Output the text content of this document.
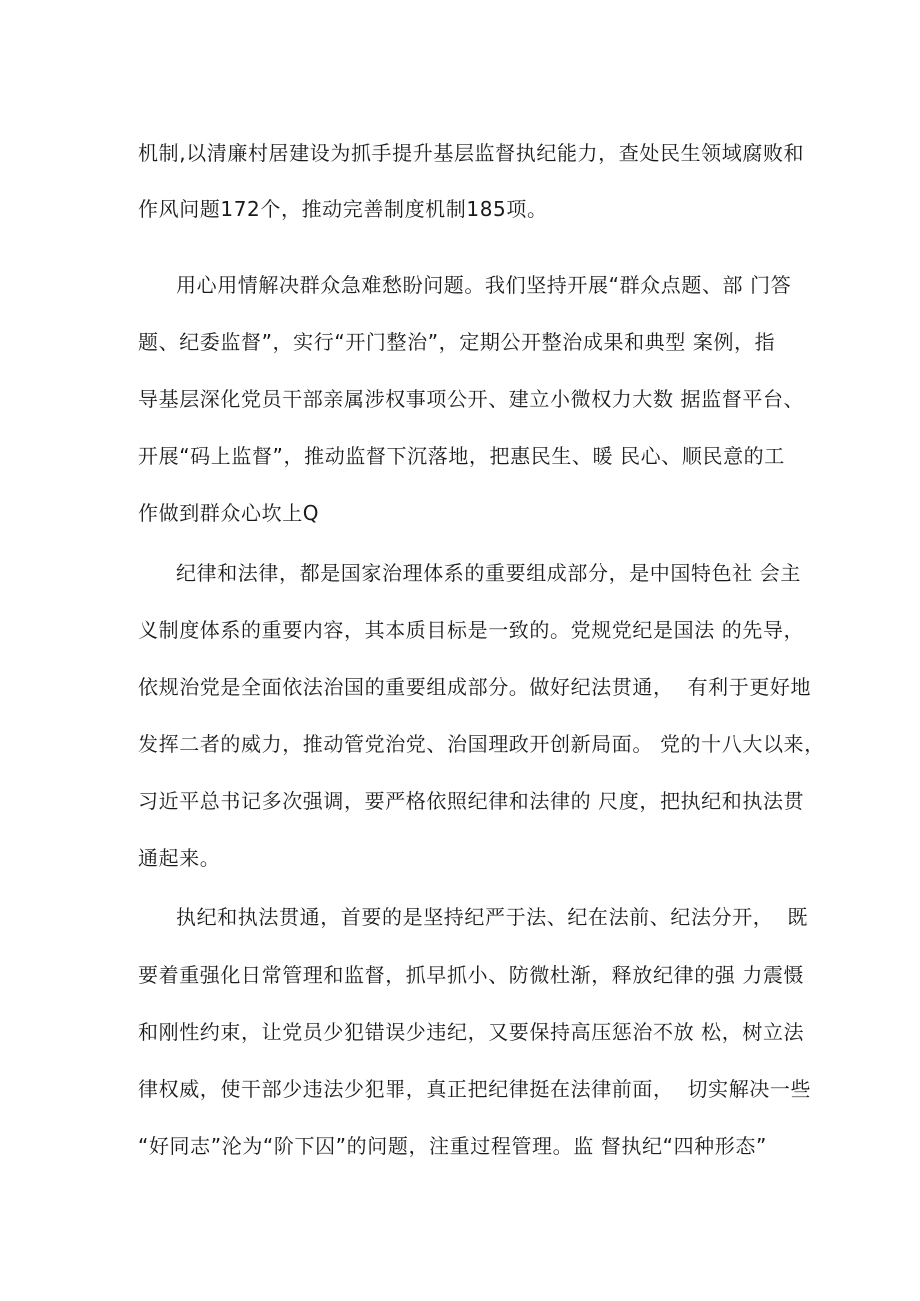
机制,以清廉村居建设为抓手提升基层监督执纪能力，查处民生领域腐败和
作风问题172个，推动完善制度机制185项。
用心用情解决群众急难愁盼问题。我们坚持开展“群众点题、部 门答
题、纪委监督”，实行“开门整治”，定期公开整治成果和典型 案例，指
导基层深化党员干部亲属涉权事项公开、建立小微权力大数 据监督平台、
开展“码上监督”，推动监督下沉落地，把惠民生、暖 民心、顺民意的工
作做到群众心坎上Q
纪律和法律，都是国家治理体系的重要组成部分，是中国特色社 会主
义制度体系的重要内容，其本质目标是一致的。党规党纪是国法 的先导，
依规治党是全面依法治国的重要组成部分。做好纪法贯通，  有利于更好地
发挥二者的威力，推动管党治党、治国理政开创新局面。 党的十八大以来，
习近平总书记多次强调，要严格依照纪律和法律的 尺度，把执纪和执法贯
通起来。
执纪和执法贯通，首要的是坚持纪严于法、纪在法前、纪法分开，  既
要着重强化日常管理和监督，抓早抓小、防微杜渐，释放纪律的强 力震慑
和刚性约束，让党员少犯错误少违纪，又要保持高压惩治不放 松，树立法
律权威，使干部少违法少犯罪，真正把纪律挺在法律前面，  切实解决一些
“好同志”沦为“阶下囚”的问题，注重过程管理。监 督执纪“四种形态”
